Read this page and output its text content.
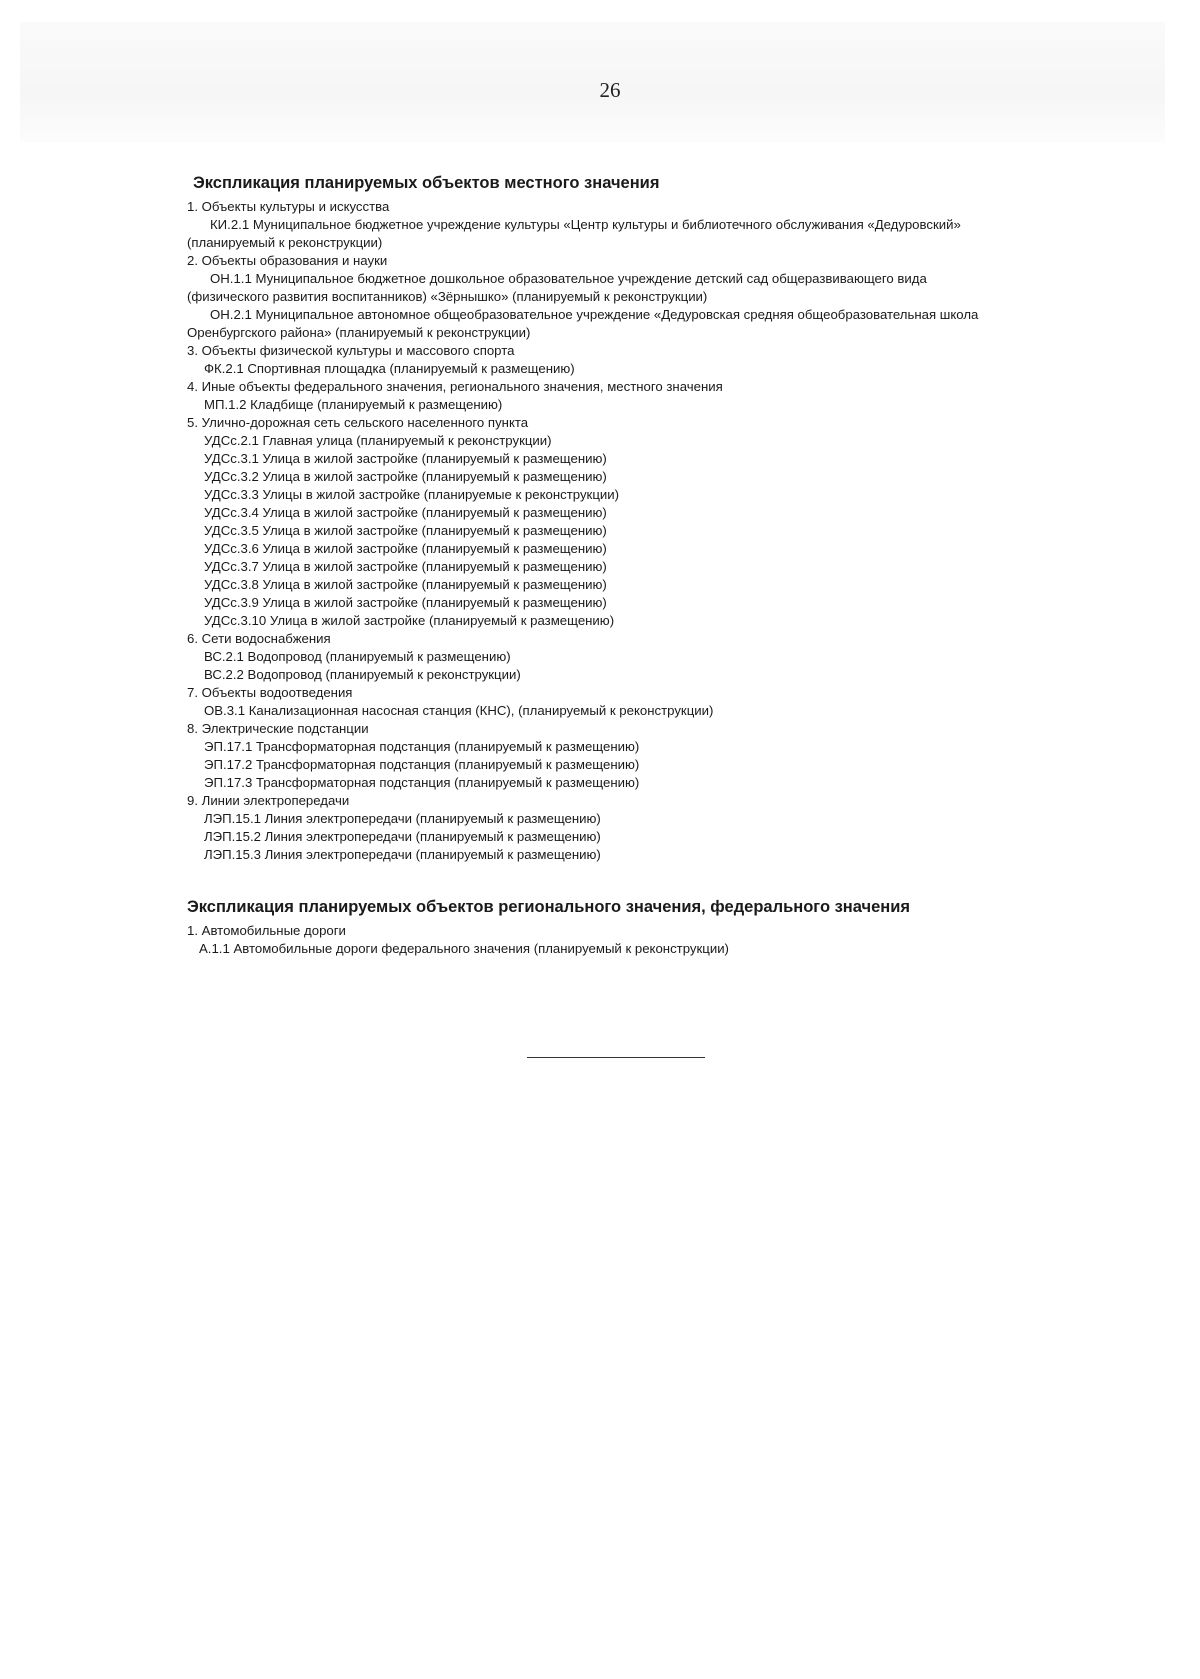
26
Экспликация планируемых объектов местного значения
1. Объекты культуры и искусства
КИ.2.1 Муниципальное бюджетное учреждение культуры «Центр культуры и библиотечного обслуживания «Дедуровский» (планируемый к реконструкции)
2. Объекты образования и науки
ОН.1.1 Муниципальное бюджетное дошкольное образовательное учреждение детский сад общеразвивающего вида (физического развития воспитанников) «Зёрнышко» (планируемый к реконструкции)
ОН.2.1 Муниципальное автономное общеобразовательное учреждение «Дедуровская средняя общеобразовательная школа Оренбургского района» (планируемый к реконструкции)
3. Объекты физической культуры и массового спорта
ФК.2.1 Спортивная площадка (планируемый к размещению)
4. Иные объекты федерального значения, регионального значения, местного значения
МП.1.2 Кладбище (планируемый к размещению)
5. Улично-дорожная сеть сельского населенного пункта
УДСс.2.1 Главная улица (планируемый к реконструкции)
УДСс.3.1 Улица в жилой застройке (планируемый к размещению)
УДСс.3.2 Улица в жилой застройке (планируемый к размещению)
УДСс.3.3 Улицы в жилой застройке (планируемые к реконструкции)
УДСс.3.4 Улица в жилой застройке (планируемый к размещению)
УДСс.3.5 Улица в жилой застройке (планируемый к размещению)
УДСс.3.6 Улица в жилой застройке (планируемый к размещению)
УДСс.3.7 Улица в жилой застройке (планируемый к размещению)
УДСс.3.8 Улица в жилой застройке (планируемый к размещению)
УДСс.3.9 Улица в жилой застройке (планируемый к размещению)
УДСс.3.10 Улица в жилой застройке (планируемый к размещению)
6. Сети водоснабжения
ВС.2.1 Водопровод (планируемый к размещению)
ВС.2.2 Водопровод (планируемый к реконструкции)
7. Объекты водоотведения
ОВ.3.1 Канализационная насосная станция (КНС), (планируемый к реконструкции)
8. Электрические подстанции
ЭП.17.1 Трансформаторная подстанция (планируемый к размещению)
ЭП.17.2 Трансформаторная подстанция (планируемый к размещению)
ЭП.17.3 Трансформаторная подстанция (планируемый к размещению)
9. Линии электропередачи
ЛЭП.15.1 Линия электропередачи (планируемый к размещению)
ЛЭП.15.2 Линия электропередачи (планируемый к размещению)
ЛЭП.15.3 Линия электропередачи (планируемый к размещению)
Экспликация планируемых объектов регионального значения, федерального значения
1. Автомобильные дороги
А.1.1 Автомобильные дороги федерального значения (планируемый к реконструкции)
